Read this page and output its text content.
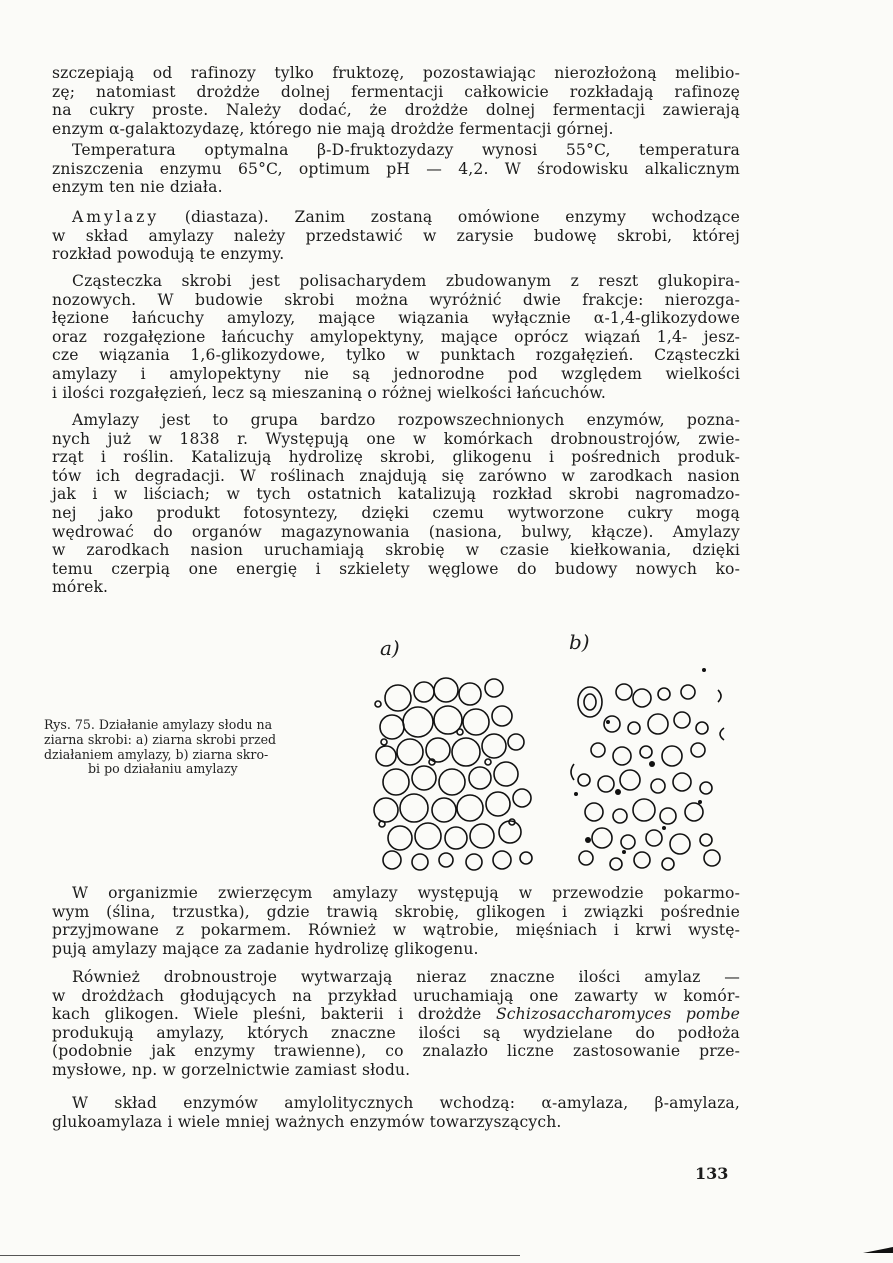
szczepiają od rafinozy tylko fruktozę, pozostawiając nierozłożoną melibio-
zę; natomiast drożdże dolnej fermentacji całkowicie rozkładają rafinozę
na cukry proste. Należy dodać, że drożdże dolnej fermentacji zawierają
enzym α-galaktozydazę, którego nie mają drożdże fermentacji górnej.
Temperatura optymalna β-D-fruktozydazy wynosi 55°C, temperatura
zniszczenia enzymu 65°C, optimum pH — 4,2. W środowisku alkalicznym
enzym ten nie działa.
Amylazy (diastaza). Zanim zostaną omówione enzymy wchodzące
w skład amylazy należy przedstawić w zarysie budowę skrobi, której
rozkład powodują te enzymy.
Cząsteczka skrobi jest polisacharydem zbudowanym z reszt glukopira-
nozowych. W budowie skrobi można wyróżnić dwie frakcje: nierozga-
łęzione łańcuchy amylozy, mające wiązania wyłącznie α-1,4-glikozydowe
oraz rozgałęzione łańcuchy amylopektyny, mające oprócz wiązań 1,4- jesz-
cze wiązania 1,6-glikozydowe, tylko w punktach rozgałęzień. Cząsteczki
amylazy i amylopektyny nie są jednorodne pod względem wielkości
i ilości rozgałęzień, lecz są mieszaniną o różnej wielkości łańcuchów.
Amylazy jest to grupa bardzo rozpowszechnionych enzymów, pozna-
nych już w 1838 r. Występują one w komórkach drobnoustrojów, zwie-
rząt i roślin. Katalizują hydrolizę skrobi, glikogenu i pośrednich produk-
tów ich degradacji. W roślinach znajdują się zarówno w zarodkach nasion
jak i w liściach; w tych ostatnich katalizują rozkład skrobi nagromadzo-
nej jako produkt fotosyntezy, dzięki czemu wytworzone cukry mogą
wędrować do organów magazynowania (nasiona, bulwy, kłącze). Amylazy
w zarodkach nasion uruchamiają skrobię w czasie kiełkowania, dzięki
temu czerpią one energię i szkielety węglowe do budowy nowych ko-
mórek.
Rys. 75. Działanie amylazy słodu na
ziarna skrobi: a) ziarna skrobi przed
działaniem amylazy, b) ziarna skro-
bi po działaniu amylazy
a)	b)
W organizmie zwierzęcym amylazy występują w przewodzie pokarmo-
wym (ślina, trzustka), gdzie trawią skrobię, glikogen i związki pośrednie
przyjmowane z pokarmem. Również w wątrobie, mięśniach i krwi wystę-
pują amylazy mające za zadanie hydrolizę glikogenu.
Również drobnoustroje wytwarzają nieraz znaczne ilości amylaz —
w drożdżach głodujących na przykład uruchamiają one zawarty w komór-
kach glikogen. Wiele pleśni, bakterii i drożdże Schizosaccharomyces pombe
produkują amylazy, których znaczne ilości są wydzielane do podłoża
(podobnie jak enzymy trawienne), co znalazło liczne zastosowanie prze-
mysłowe, np. w gorzelnictwie zamiast słodu.
W skład enzymów amylolitycznych wchodzą: α-amylaza, β-amylaza,
glukoamylaza i wiele mniej ważnych enzymów towarzyszących.
133
